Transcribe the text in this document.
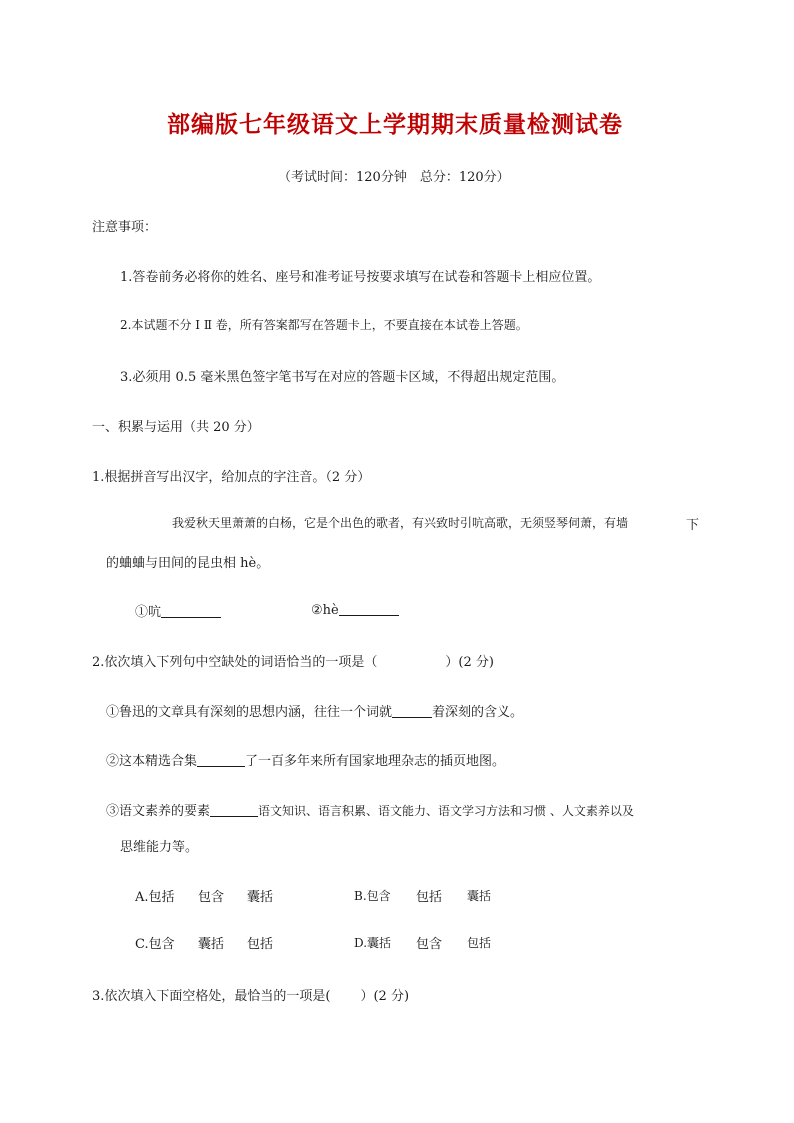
部编版七年级语文上学期期末质量检测试卷
（考试时间：120分钟　总分：120分）
注意事项：
1.答卷前务必将你的姓名、座号和准考证号按要求填写在试卷和答题卡上相应位置。
2.本试题不分 Ⅰ Ⅱ 卷，所有答案都写在答题卡上，不要直接在本试卷上答题。
3.必须用 0.5 毫米黑色签字笔书写在对应的答题卡区域，不得超出规定范围。
一、积累与运用（共 20 分）
1.根据拼音写出汉字，给加点的字注音。（2 分）
我爱秋天里萧萧的白杨，它是个出色的歌者，有兴致时引吭高歌，无须竖琴伺萧，有墙	下
的蛐蛐与田间的昆虫相 hè。
①吭	②hè
2.依次填入下列句中空缺处的词语恰当的一项是（	）(2 分)
①鲁迅的文章具有深刻的思想内涵，往往一个词就	着深刻的含义。
②这本精选合集	了一百多年来所有国家地理杂志的插页地图。
③语文素养的要素	语文知识、语言积累、语文能力、语文学习方法和习惯 、人文素养以及
思维能力等。
A.包括 包含 囊括	B.包含 包括 囊括
C.包含 囊括 包括	D.囊括 包含 包括
3.依次填入下面空格处，最恰当的一项是( ）(2 分)
